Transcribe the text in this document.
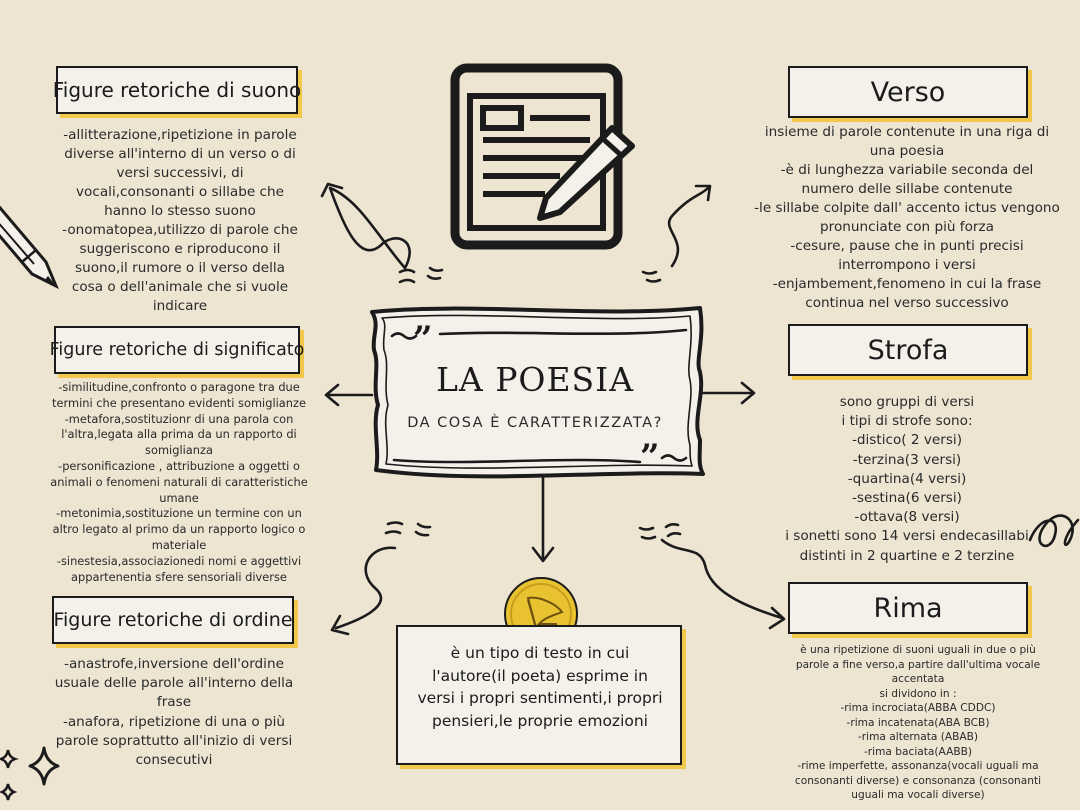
”
”
Figure retoriche di suono
Figure retoriche di significato
Figure retoriche di ordine
Verso
Strofa
Rima
-allitterazione,ripetizione in parole
diverse all'interno di un verso o di
versi successivi, di
vocali,consonanti o sillabe che
hanno lo stesso suono
-onomatopea,utilizzo di parole che
suggeriscono e riproducono il
suono,il rumore o il verso della
cosa o dell'animale che si vuole
indicare
-similitudine,confronto o paragone tra due
termini che presentano evidenti somiglianze
-metafora,sostituzionr di una parola con
l'altra,legata alla prima da un rapporto di
somiglianza
-personificazione , attribuzione a oggetti o
animali o fenomeni naturali di caratteristiche
umane
-metonimia,sostituzione un termine con un
altro legato al primo da un rapporto logico o
materiale
-sinestesia,associazionedi nomi e aggettivi
appartenentia sfere sensoriali diverse
-anastrofe,inversione dell'ordine
usuale delle parole all'interno della
frase
-anafora, ripetizione di una o più
parole soprattutto all'inizio di versi
consecutivi
insieme di parole contenute in una riga di
una poesia
-è di lunghezza variabile seconda del
numero delle sillabe contenute
-le sillabe colpite dall' accento ictus vengono
pronunciate con più forza
-cesure, pause che in punti precisi
interrompono i versi
-enjambement,fenomeno in cui la frase
continua nel verso successivo
sono gruppi di versi
i tipi di strofe sono:
-distico( 2 versi)
-terzina(3 versi)
-quartina(4 versi)
-sestina(6 versi)
-ottava(8 versi)
i sonetti sono 14 versi endecasillabi
distinti in 2 quartine e 2 terzine
è una ripetizione di suoni uguali in due o più
parole a fine verso,a partire dall'ultima vocale
accentata
si dividono in :
-rima incrociata(ABBA CDDC)
-rima incatenata(ABA BCB)
-rima alternata (ABAB)
-rima baciata(AABB)
-rime imperfette, assonanza(vocali uguali ma
consonanti diverse) e consonanza (consonanti
uguali ma vocali diverse)
LA POESIA
DA COSA È CARATTERIZZATA?
è un tipo di testo in cui l'autore(il poeta) esprime in versi i propri sentimenti,i propri pensieri,le proprie emozioni
